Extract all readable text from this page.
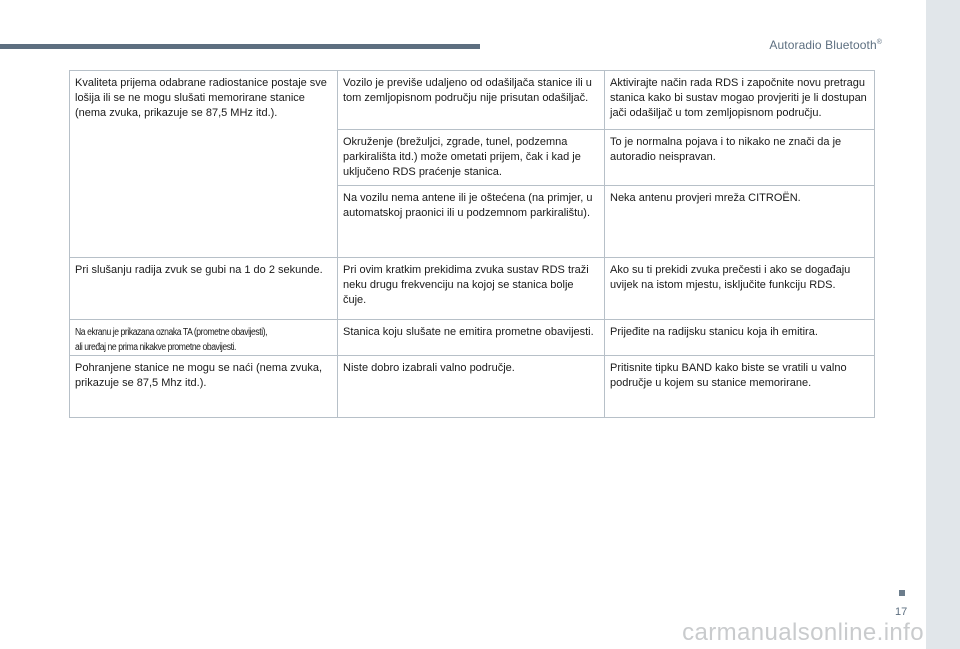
Autoradio Bluetooth®
Kvaliteta prijema odabrane radiostanice postaje sve lošija ili se ne mogu slušati memorirane stanice (nema zvuka, prikazuje se 87,5 MHz itd.).	Vozilo je previše udaljeno od odašiljača stanice ili u tom zemljopisnom području nije prisutan odašiljač.	Aktivirajte način rada RDS i započnite novu pretragu stanica kako bi sustav mogao provjeriti je li dostupan jači odašiljač u tom zemljopisnom području.
	Okruženje (brežuljci, zgrade, tunel, podzemna parkirališta itd.) može ometati prijem, čak i kad je uključeno RDS praćenje stanica.	To je normalna pojava i to nikako ne znači da je autoradio neispravan.
	Na vozilu nema antene ili je oštećena (na primjer, u automatskoj praonici ili u podzemnom parkiralištu).	Neka antenu provjeri mreža CITROËN.
Pri slušanju radija zvuk se gubi na 1 do 2 sekunde.	Pri ovim kratkim prekidima zvuka sustav RDS traži neku drugu frekvenciju na kojoj se stanica bolje čuje.	Ako su ti prekidi zvuka prečesti i ako se događaju uvijek na istom mjestu, isključite funkciju RDS.

Na ekranu je prikazana oznaka TA (prometne obavijesti),
ali uređaj ne prima nikakve prometne obavijesti.	Stanica koju slušate ne emitira prometne obavijesti.	Prijeđite na radijsku stanicu koja ih emitira.
Pohranjene stanice ne mogu se naći (nema zvuka, prikazuje se 87,5 Mhz itd.).	Niste dobro izabrali valno područje.	Pritisnite tipku BAND kako biste se vratili u valno područje u kojem su stanice memorirane.
17
carmanualsonline.info
